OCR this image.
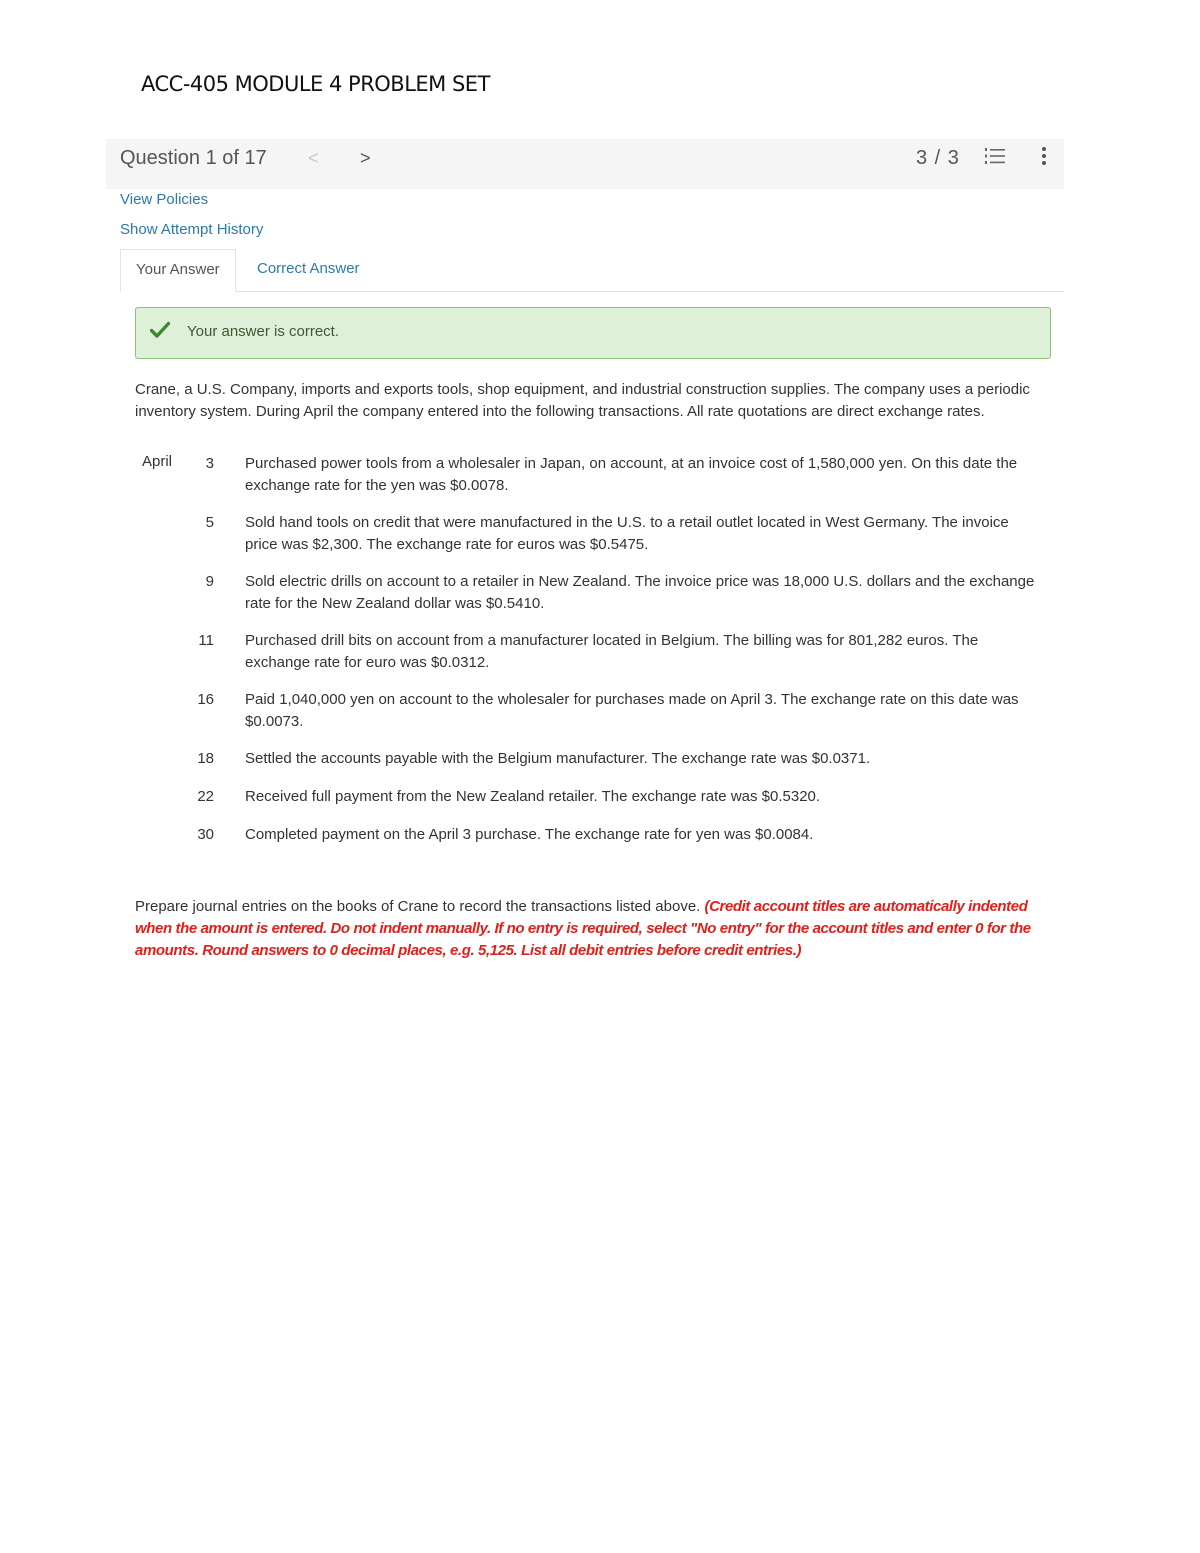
ACC-405 MODULE 4 PROBLEM SET
Question 1 of 17 < >	3 / 3
View Policies
Show Attempt History
Your Answer	Correct Answer
Your answer is correct.
Crane, a U.S. Company, imports and exports tools, shop equipment, and industrial construction supplies. The company uses a periodic inventory system. During April the company entered into the following transactions. All rate quotations are direct exchange rates.
April 3 Purchased power tools from a wholesaler in Japan, on account, at an invoice cost of 1,580,000 yen. On this date the exchange rate for the yen was $0.0078.
5 Sold hand tools on credit that were manufactured in the U.S. to a retail outlet located in West Germany. The invoice price was $2,300. The exchange rate for euros was $0.5475.
9 Sold electric drills on account to a retailer in New Zealand. The invoice price was 18,000 U.S. dollars and the exchange rate for the New Zealand dollar was $0.5410.
11 Purchased drill bits on account from a manufacturer located in Belgium. The billing was for 801,282 euros. The exchange rate for euro was $0.0312.
16 Paid 1,040,000 yen on account to the wholesaler for purchases made on April 3. The exchange rate on this date was $0.0073.
18 Settled the accounts payable with the Belgium manufacturer. The exchange rate was $0.0371.
22 Received full payment from the New Zealand retailer. The exchange rate was $0.5320.
30 Completed payment on the April 3 purchase. The exchange rate for yen was $0.0084.
Prepare journal entries on the books of Crane to record the transactions listed above. (Credit account titles are automatically indented when the amount is entered. Do not indent manually. If no entry is required, select "No entry" for the account titles and enter 0 for the amounts. Round answers to 0 decimal places, e.g. 5,125. List all debit entries before credit entries.)
